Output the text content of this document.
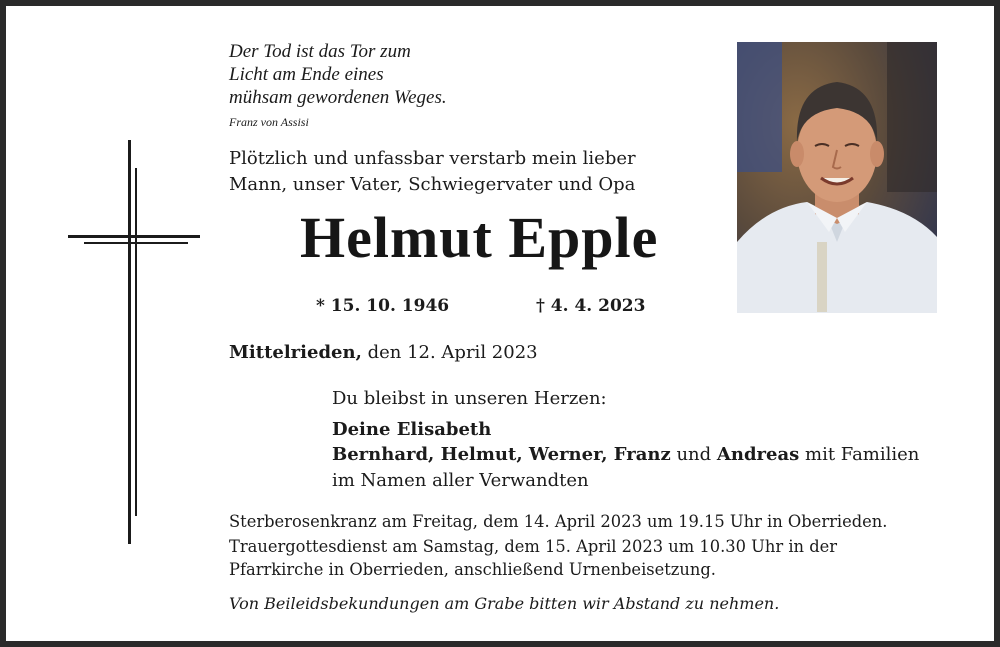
Der Tod ist das Tor zum
Licht am Ende eines
mühsam gewordenen Weges.
Franz von Assisi
Plötzlich und unfassbar verstarb mein lieber
Mann, unser Vater, Schwiegervater und Opa
Helmut Epple
* 15. 10. 1946	† 4. 4. 2023
Mittelrieden, den 12. April 2023
Du bleibst in unseren Herzen:
Deine Elisabeth
Bernhard, Helmut, Werner, Franz und Andreas mit Familien
im Namen aller Verwandten
Sterberosenkranz am Freitag, dem 14. April 2023 um 19.15 Uhr in Oberrieden.
Trauergottesdienst am Samstag, dem 15. April 2023 um 10.30 Uhr in der
Pfarrkirche in Oberrieden, anschließend Urnenbeisetzung.
Von Beileidsbekundungen am Grabe bitten wir Abstand zu nehmen.
